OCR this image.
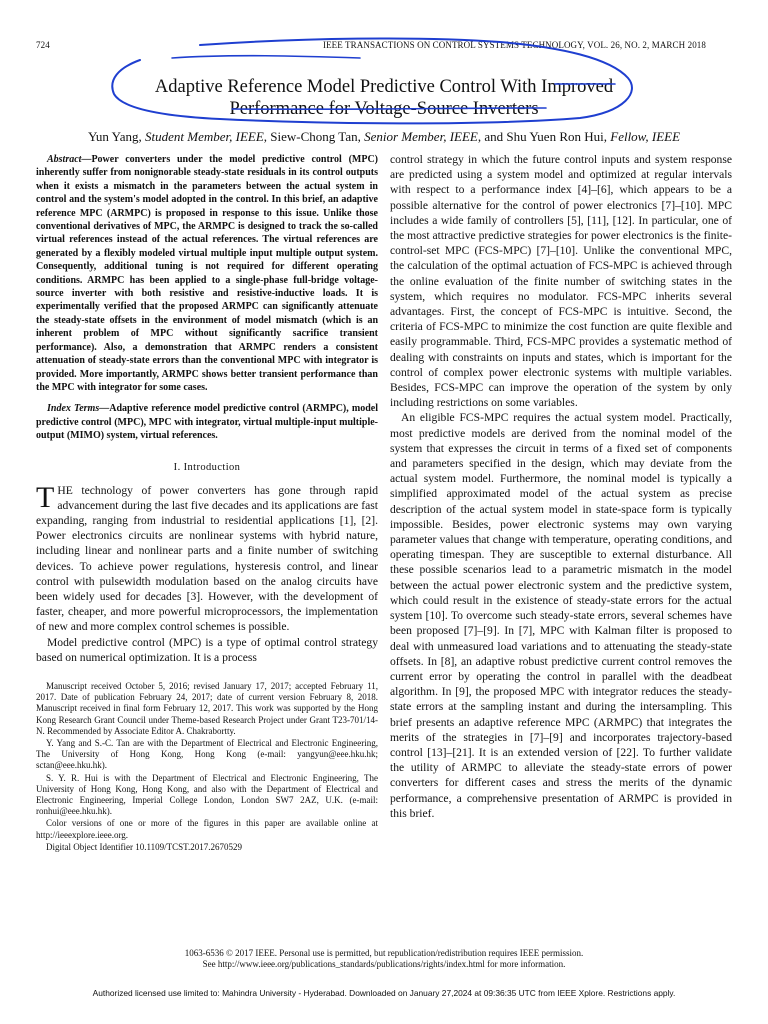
724	IEEE TRANSACTIONS ON CONTROL SYSTEMS TECHNOLOGY, VOL. 26, NO. 2, MARCH 2018
Adaptive Reference Model Predictive Control With Improved
Performance for Voltage-Source Inverters
Yun Yang, Student Member, IEEE, Siew-Chong Tan, Senior Member, IEEE, and Shu Yuen Ron Hui, Fellow, IEEE
Abstract—Power converters under the model predictive control (MPC) inherently suffer from nonignorable steady-state residuals in its control outputs when it exists a mismatch in the parameters between the actual system in control and the system's model adopted in the control. In this brief, an adaptive reference MPC (ARMPC) is proposed in response to this issue. Unlike those conventional derivatives of MPC, the ARMPC is designed to track the so-called virtual references instead of the actual references. The virtual references are generated by a flexibly modeled virtual multiple input multiple output system. Consequently, additional tuning is not required for different operating conditions. ARMPC has been applied to a single-phase full-bridge voltage-source inverter with both resistive and resistive-inductive loads. It is experimentally verified that the proposed ARMPC can significantly attenuate the steady-state offsets in the environment of model mismatch (which is an inherent problem of MPC without significantly sacrifice transient performance). Also, a demonstration that ARMPC renders a consistent attenuation of steady-state errors than the conventional MPC with integrator is provided. More importantly, ARMPC shows better transient performance than the MPC with integrator for some cases.
Index Terms—Adaptive reference model predictive control (ARMPC), model predictive control (MPC), MPC with integrator, virtual multiple-input multiple-output (MIMO) system, virtual references.
I. Introduction

THE technology of power converters has gone through rapid advancement during the last five decades and its applications are fast expanding, ranging from industrial to residential applications [1], [2]. Power electronics circuits are nonlinear systems with hybrid nature, including linear and nonlinear parts and a finite number of switching devices. To achieve power regulations, hysteresis control, and linear control with pulsewidth modulation based on the analog circuits have been widely used for decades [3]. However, with the development of faster, cheaper, and more powerful microprocessors, the implementation of new and more complex control schemes is possible.

Model predictive control (MPC) is a type of optimal control strategy based on numerical optimization. It is a process

Manuscript received October 5, 2016; revised January 17, 2017; accepted February 11, 2017. Date of publication February 24, 2017; date of current version February 8, 2018. Manuscript received in final form February 12, 2017. This work was supported by the Hong Kong Research Grant Council under Theme-based Research Project under Grant T23-701/14-N. Recommended by Associate Editor A. Chakrabortty.

Y. Yang and S.-C. Tan are with the Department of Electrical and Electronic Engineering, The University of Hong Kong, Hong Kong (e-mail: yangyun@eee.hku.hk; sctan@eee.hku.hk).

S. Y. R. Hui is with the Department of Electrical and Electronic Engineering, The University of Hong Kong, Hong Kong, and also with the Department of Electrical and Electronic Engineering, Imperial College London, London SW7 2AZ, U.K. (e-mail: ronhui@eee.hku.hk).

Color versions of one or more of the figures in this paper are available online at http://ieeexplore.ieee.org.

Digital Object Identifier 10.1109/TCST.2017.2670529

control strategy in which the future control inputs and system response are predicted using a system model and optimized at regular intervals with respect to a performance index [4]–[6], which appears to be a possible alternative for the control of power electronics [7]–[10]. MPC includes a wide family of controllers [5], [11], [12]. In particular, one of the most attractive predictive strategies for power electronics is the finite-control-set MPC (FCS-MPC) [7]–[10]. Unlike the conventional MPC, the calculation of the optimal actuation of FCS-MPC is achieved through the online evaluation of the finite number of switching states in the system, which requires no modulator. FCS-MPC inherits several advantages. First, the concept of FCS-MPC is intuitive. Second, the criteria of FCS-MPC to minimize the cost function are quite flexible and easily programmable. Third, FCS-MPC provides a systematic method of dealing with constraints on inputs and states, which is important for the control of complex power electronic systems with multiple variables. Besides, FCS-MPC can improve the operation of the system by only including restrictions on some variables.

An eligible FCS-MPC requires the actual system model. Practically, most predictive models are derived from the nominal model of the system that expresses the circuit in terms of a fixed set of components and parameters specified in the design, which may deviate from the actual system model. Furthermore, the nominal model is typically a simplified approximated model of the actual system as precise description of the actual system model in state-space form is typically impossible. Besides, power electronic systems may own varying parameter values that change with temperature, operating conditions, and operating timespan. They are susceptible to external disturbance. All these possible scenarios lead to a parametric mismatch in the model between the actual power electronic system and the predictive system, which could result in the existence of steady-state errors for the actual system [10]. To overcome such steady-state errors, several schemes have been proposed [7]–[9]. In [7], MPC with Kalman filter is proposed to deal with unmeasured load variations and to attenuating the steady-state offsets. In [8], an adaptive robust predictive current control removes the current error by operating the control in parallel with the deadbeat algorithm. In [9], the proposed MPC with integrator reduces the steady-state errors at the sampling instant and during the intersampling. This brief presents an adaptive reference MPC (ARMPC) that integrates the merits of the strategies in [7]–[9] and incorporates trajectory-based control [13]–[21]. It is an extended version of [22]. To further validate the utility of ARMPC to alleviate the steady-state errors of power converters for different cases and stress the merits of the dynamic performance, a comprehensive presentation of ARMPC is provided in this brief.

1063-6536 © 2017 IEEE. Personal use is permitted, but republication/redistribution requires IEEE permission.
See http://www.ieee.org/publications_standards/publications/rights/index.html for more information.
Authorized licensed use limited to: Mahindra University - Hyderabad. Downloaded on January 27,2024 at 09:36:35 UTC from IEEE Xplore. Restrictions apply.
